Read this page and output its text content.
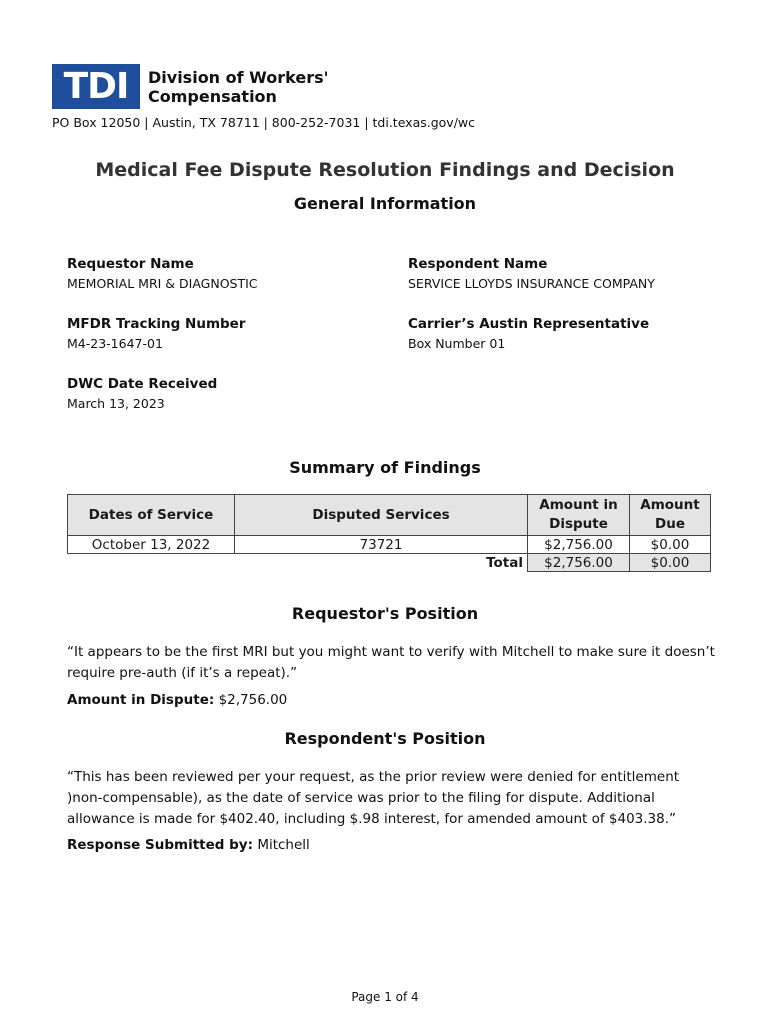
TDI	Division of Workers'
Compensation
PO Box 12050 | Austin, TX 78711 | 800-252-7031 | tdi.texas.gov/wc
Medical Fee Dispute Resolution Findings and Decision
General Information
Requestor Name
MEMORIAL MRI & DIAGNOSTIC
Respondent Name
SERVICE LLOYDS INSURANCE COMPANY
MFDR Tracking Number
M4-23-1647-01
Carrier’s Austin Representative
Box Number 01
DWC Date Received
March 13, 2023
Summary of Findings
Dates of Service	Disputed Services	Amount in Dispute	Amount Due
October 13, 2022	73721	$2,756.00	$0.00
	Total	$2,756.00	$0.00
Requestor's Position
“It appears to be the first MRI but you might want to verify with Mitchell to make sure it doesn’t require pre-auth (if it’s a repeat).”
Amount in Dispute: $2,756.00
Respondent's Position
“This has been reviewed per your request, as the prior review were denied for entitlement )non-compensable), as the date of service was prior to the filing for dispute. Additional allowance is made for $402.40, including $.98 interest, for amended amount of $403.38.”
Response Submitted by: Mitchell
Page 1 of 4
